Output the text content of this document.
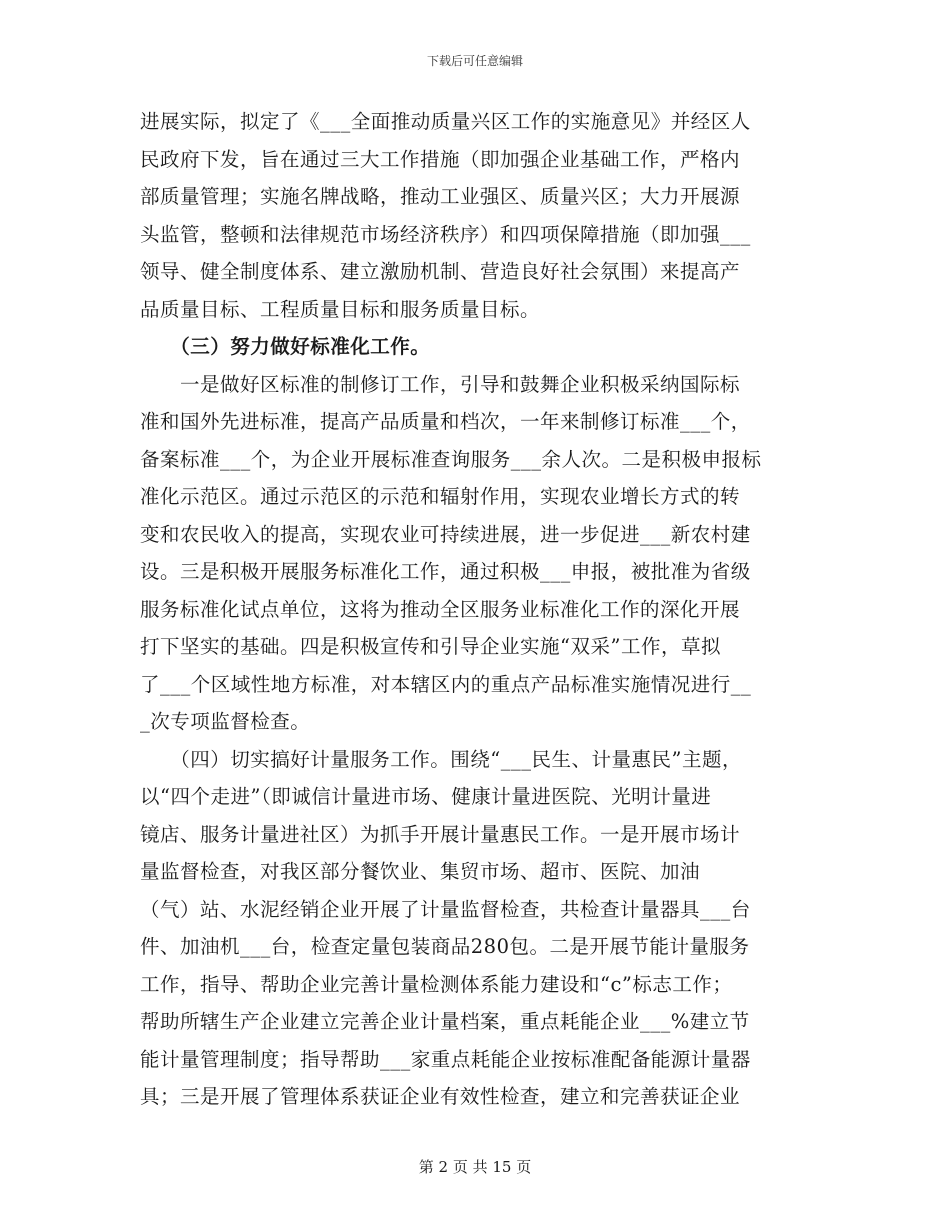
下载后可任意编辑
进展实际，拟定了《___全面推动质量兴区工作的实施意见》并经区人
民政府下发，旨在通过三大工作措施（即加强企业基础工作，严格内
部质量管理；实施名牌战略，推动工业强区、质量兴区；大力开展源
头监管，整顿和法律规范市场经济秩序）和四项保障措施（即加强___
领导、健全制度体系、建立激励机制、营造良好社会氛围）来提高产
品质量目标、工程质量目标和服务质量目标。
　　（三）努力做好标准化工作。
　　一是做好区标准的制修订工作，引导和鼓舞企业积极采纳国际标
准和国外先进标准，提高产品质量和档次，一年来制修订标准___个，
备案标准___个，为企业开展标准查询服务___余人次。二是积极申报标
准化示范区。通过示范区的示范和辐射作用，实现农业增长方式的转
变和农民收入的提高，实现农业可持续进展，进一步促进___新农村建
设。三是积极开展服务标准化工作，通过积极___申报，被批准为省级
服务标准化试点单位，这将为推动全区服务业标准化工作的深化开展
打下坚实的基础。四是积极宣传和引导企业实施“双采”工作，草拟
了___个区域性地方标准，对本辖区内的重点产品标准实施情况进行__
_次专项监督检查。
　　（四）切实搞好计量服务工作。围绕“___民生、计量惠民”主题，
以“四个走进”（即诚信计量进市场、健康计量进医院、光明计量进
镜店、服务计量进社区）为抓手开展计量惠民工作。一是开展市场计
量监督检查，对我区部分餐饮业、集贸市场、超市、医院、加油
（气）站、水泥经销企业开展了计量监督检查，共检查计量器具___台
件、加油机___台，检查定量包装商品280包。二是开展节能计量服务
工作，指导、帮助企业完善计量检测体系能力建设和“c”标志工作；
帮助所辖生产企业建立完善企业计量档案，重点耗能企业___%建立节
能计量管理制度；指导帮助___家重点耗能企业按标准配备能源计量器
具；三是开展了管理体系获证企业有效性检查，建立和完善获证企业
第 2 页 共 15 页
